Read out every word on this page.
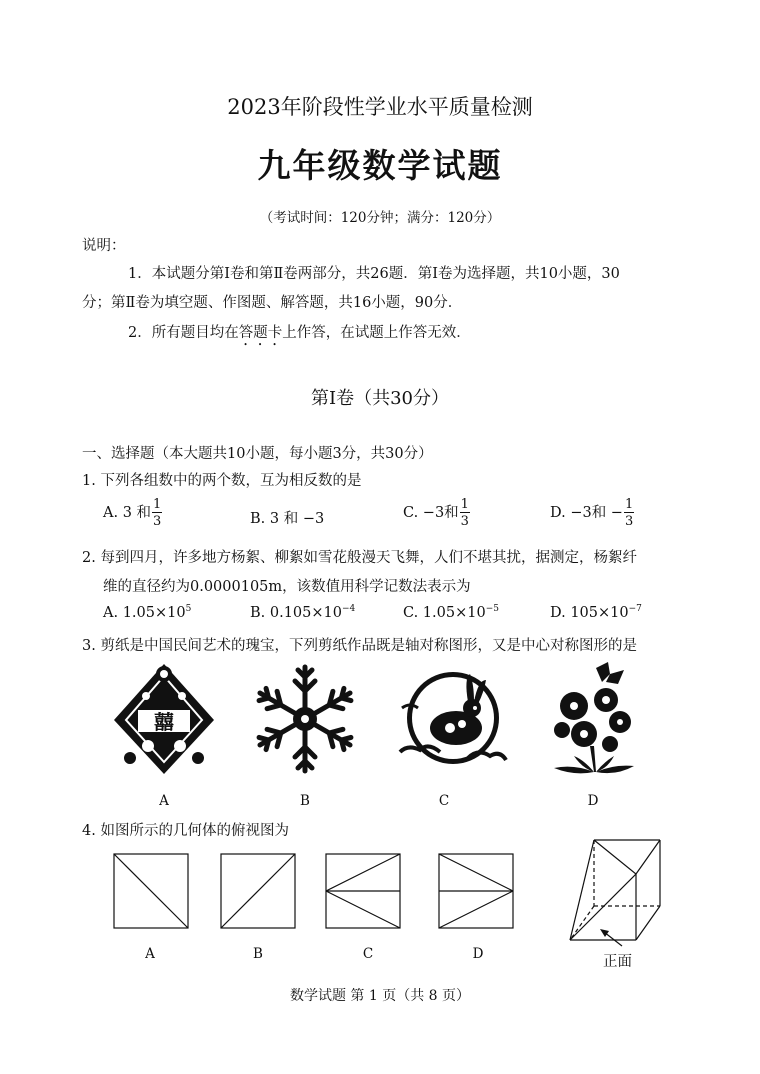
2023年阶段性学业水平质量检测
九年级数学试题
（考试时间：120分钟；满分：120分）
说明：
1．本试题分第Ⅰ卷和第Ⅱ卷两部分，共26题．第Ⅰ卷为选择题，共10小题，30
分；第Ⅱ卷为填空题、作图题、解答题，共16小题，90分．
2．所有题目均在答题卡上作答，在试题上作答无效．
第Ⅰ卷（共30分）
一、选择题（本大题共10小题，每小题3分，共30分）
1. 下列各组数中的两个数，互为相反数的是
A. 3 和 $\frac{1}{3}$	B. 3 和 −3	C. −3和 $\frac{1}{3}$	D. −3和 − $\frac{1}{3}$
2. 每到四月，许多地方杨絮、柳絮如雪花般漫天飞舞，人们不堪其扰，据测定，杨絮纤
维的直径约为0.0000105m，该数值用科学记数法表示为
A. $1.05\times 10^5$	B. $0.105\times 10^{-4}$	C. $1.05\times 10^{-5}$	D. $105\times 10^{-7}$
3. 剪纸是中国民间艺术的瑰宝，下列剪纸作品既是轴对称图形，又是中心对称图形的是
囍
A	B	C	D
4. 如图所示的几何体的俯视图为
A	B	C	D	正面
数学试题 第 1 页（共 8 页）
